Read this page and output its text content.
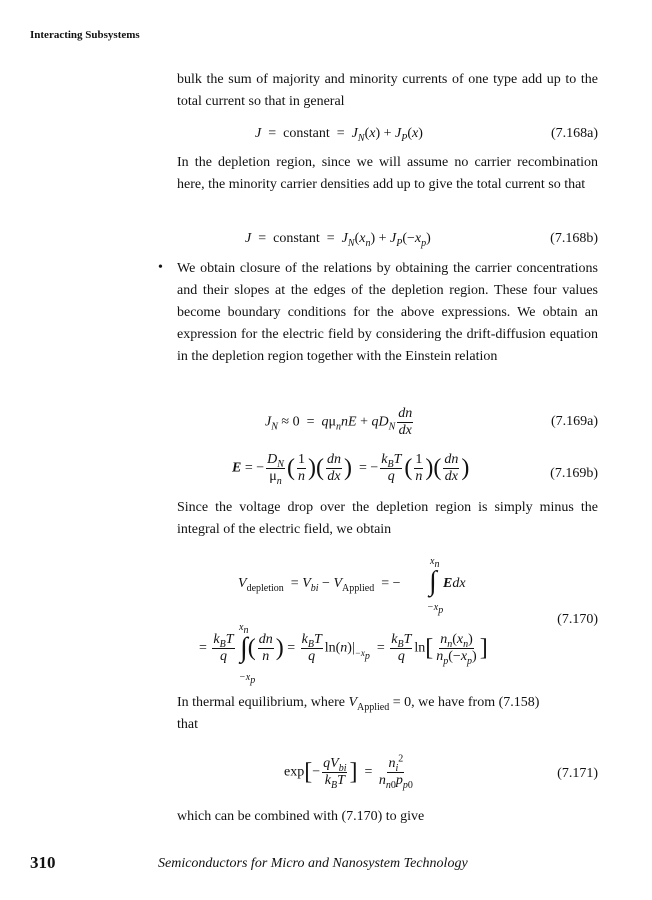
Interacting Subsystems

bulk the sum of majority and minority currents of one type add up to the total current so that in general

J  =  constant  =  $J_N(x) + J_P(x)$	(7.168a)

In the depletion region, since we will assume no carrier recombination here, the minority carrier densities add up to give the total current so that

J  =  constant  =  $J_N(x_n) + J_P(-x_p)$	(7.168b)
• We obtain closure of the relations by obtaining the carrier concentrations and their slopes at the edges of the depletion region. These four values become boundary conditions for the above expressions. We obtain an expression for the electric field by considering the drift-diffusion equation in the depletion region together with the Einstein relation

$J_N \approx 0 = q\mu_nnE + qD_N \frac{dn}{dx}$	(7.169a)
E = − $\frac{D_N}{\mu_n}$ ( $\frac{1}{n}$ )( $\frac{dn}{dx}$ )  = − $\frac{k_BT}{q}$ ( $\frac{1}{n}$ )( $\frac{dn}{dx}$ )	(7.169b)

Since the voltage drop over the depletion region is simply minus the integral of the electric field, we obtain

$V_{depletion} = V_{bi} - V_{Applied}$  = −
$x_n$
∫ Edx
$-x_p$
(7.170)
$x_n$
$-x_p$
= $\frac{k_BT}{q}$ ∫( $\frac{dn}{n}$ ) = $\frac{k_BT}{q} \ln(n)|_{-x_p} = \frac{k_BT}{q} \ln[ \frac{n_n(x_n)}{n_p(-x_p)}$ ]

In thermal equilibrium, where $V_{Applied} = 0$, we have from (7.158)

that

$\exp[- \frac{qV_{bi}}{k_BT}$ ]  = $\frac{n_i^2}{n_{n0}p_{p0}}$	(7.171)

which can be combined with (7.170) to give

310	Semiconductors for Micro and Nanosystem Technology
